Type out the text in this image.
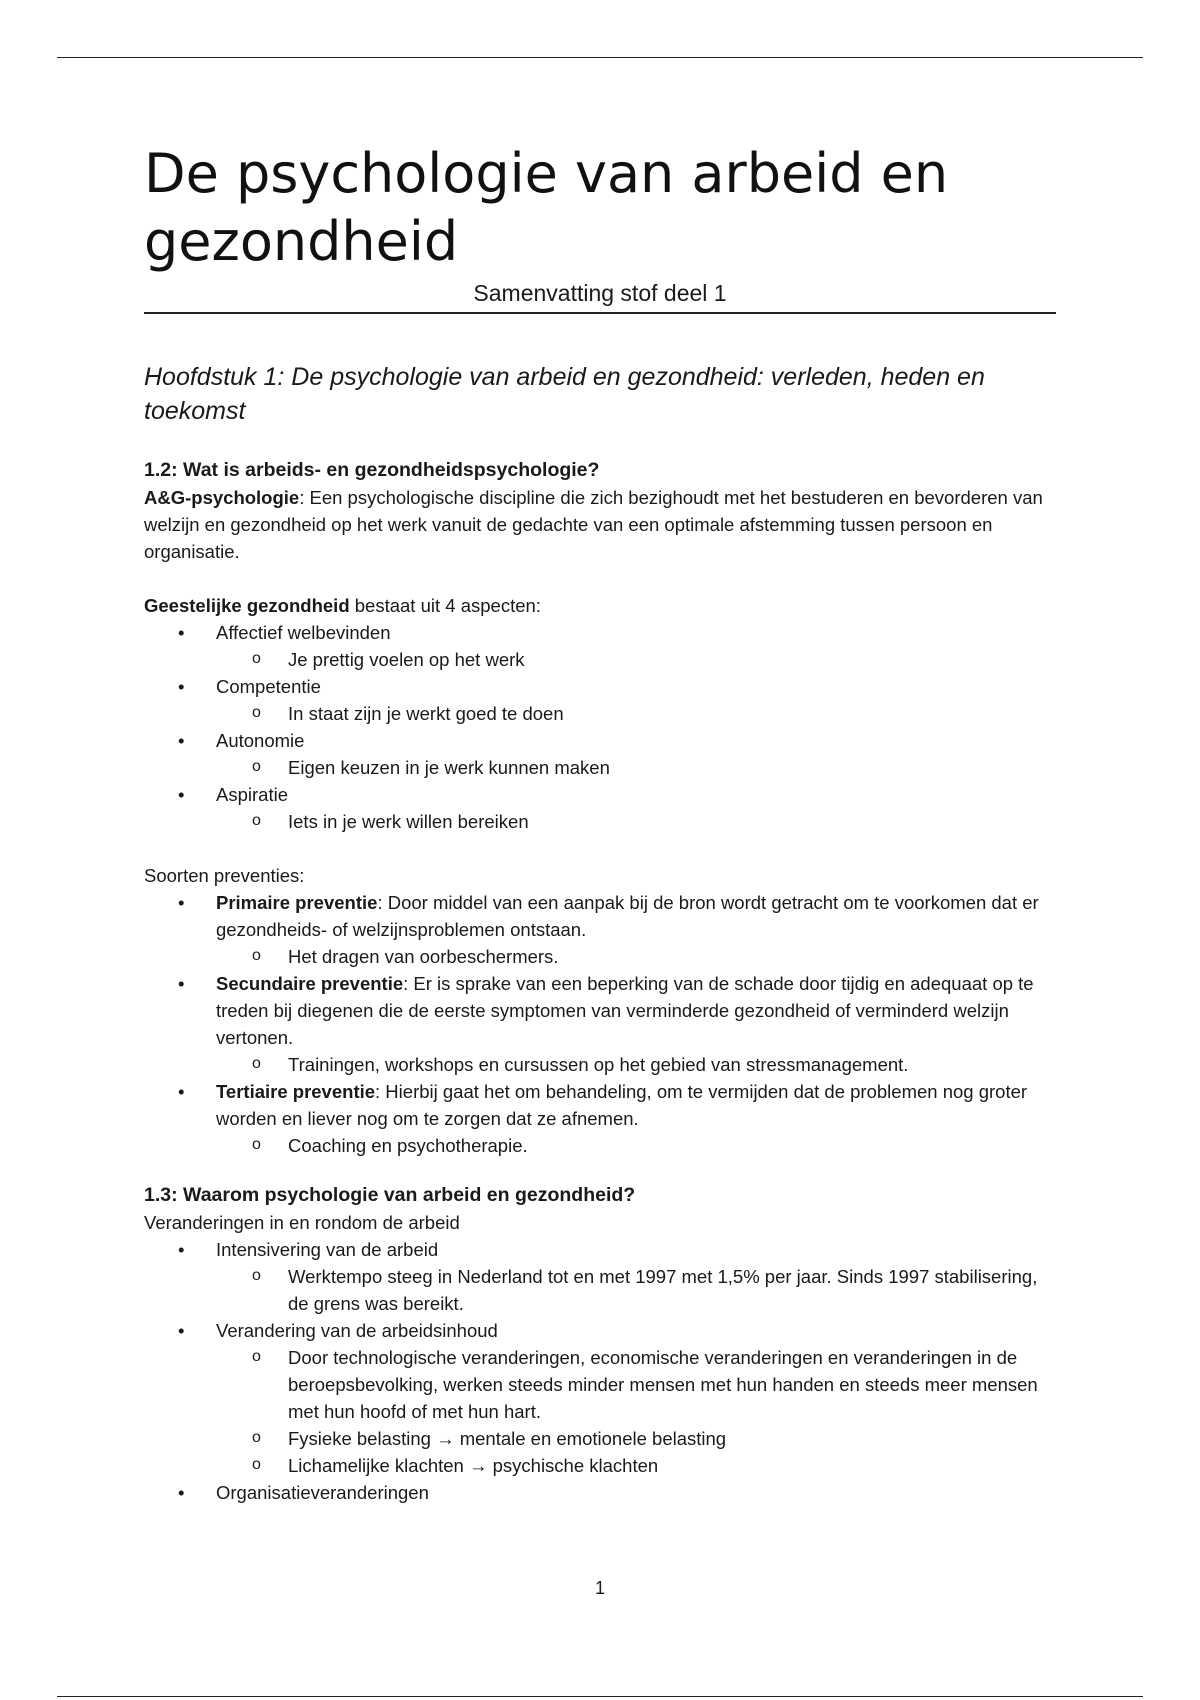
De psychologie van arbeid en gezondheid
Samenvatting stof deel 1
Hoofdstuk 1: De psychologie van arbeid en gezondheid: verleden, heden en toekomst
1.2: Wat is arbeids- en gezondheidspsychologie?

A&G-psychologie: Een psychologische discipline die zich bezighoudt met het bestuderen en bevorderen van welzijn en gezondheid op het werk vanuit de gedachte van een optimale afstemming tussen persoon en organisatie.

Geestelijke gezondheid bestaat uit 4 aspecten:

• Affectief welbevinden
o Je prettig voelen op het werk
• Competentie
o In staat zijn je werkt goed te doen
• Autonomie
o Eigen keuzen in je werk kunnen maken
• Aspiratie
o Iets in je werk willen bereiken

Soorten preventies:

• Primaire preventie: Door middel van een aanpak bij de bron wordt getracht om te voorkomen dat er gezondheids- of welzijnsproblemen ontstaan.
o Het dragen van oorbeschermers.
• Secundaire preventie: Er is sprake van een beperking van de schade door tijdig en adequaat op te treden bij diegenen die de eerste symptomen van verminderde gezondheid of verminderd welzijn vertonen.
o Trainingen, workshops en cursussen op het gebied van stressmanagement.
• Tertiaire preventie: Hierbij gaat het om behandeling, om te vermijden dat de problemen nog groter worden en liever nog om te zorgen dat ze afnemen.
o Coaching en psychotherapie.
1.3: Waarom psychologie van arbeid en gezondheid?

Veranderingen in en rondom de arbeid

• Intensivering van de arbeid
o Werktempo steeg in Nederland tot en met 1997 met 1,5% per jaar. Sinds 1997 stabilisering, de grens was bereikt.
• Verandering van de arbeidsinhoud
o Door technologische veranderingen, economische veranderingen en veranderingen in de beroepsbevolking, werken steeds minder mensen met hun handen en steeds meer mensen met hun hoofd of met hun hart.
o Fysieke belasting → mentale en emotionele belasting
o Lichamelijke klachten → psychische klachten
• Organisatieveranderingen
1
